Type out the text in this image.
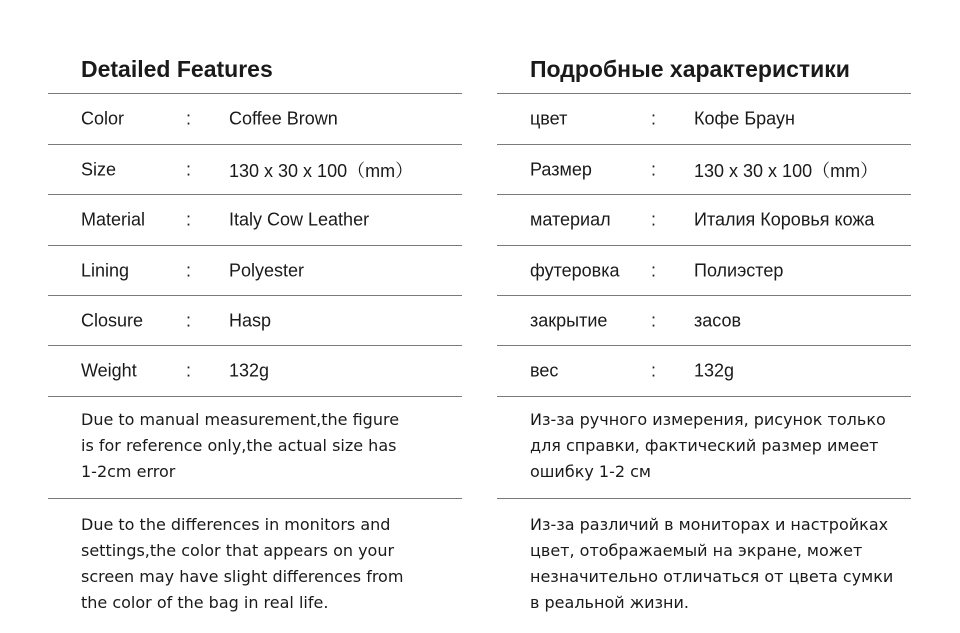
Detailed Features
Color	: Coffee Brown
Size	: 130 x 30 x 100（mm）
Material : Italy Cow Leather
Lining	: Polyester
Closure : Hasp
Weight	: 132g
Due to manual measurement,the figure
is for reference only,the actual size has
1-2cm error
Due to the differences in monitors and
settings,the color that appears on your
screen may have slight differences from
the color of the bag in real life.
Подробные характеристики
цвет	: Кофе Браун
Размер	: 130 x 30 x 100（mm）
материал : Италия Коровья кожа
футеровка : Полиэстер
закрытие : засов
вес	: 132g
Из-за ручного измерения, рисунок только
для справки, фактический размер имеет
ошибку 1-2 см
Из-за различий в мониторах и настройках
цвет, отображаемый на экране, может
незначительно отличаться от цвета сумки
в реальной жизни.
